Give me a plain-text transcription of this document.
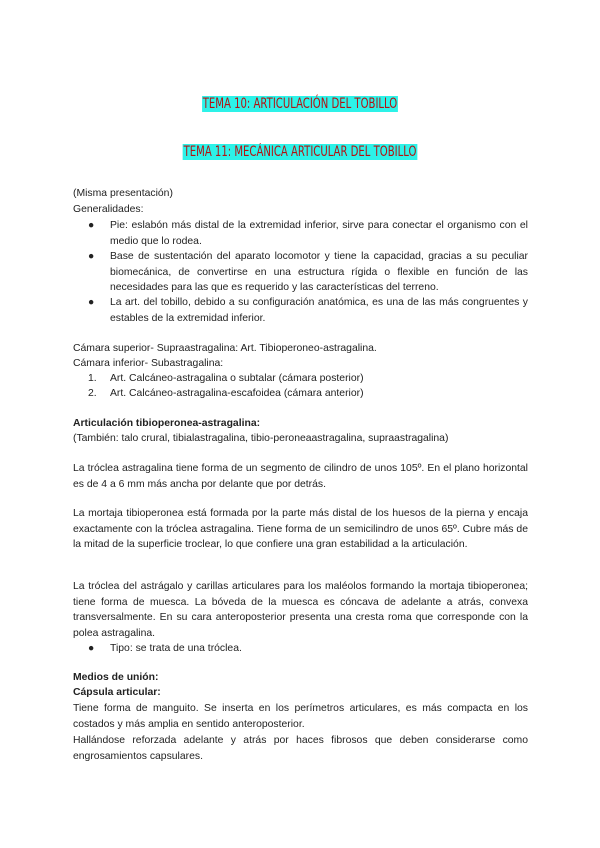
TEMA 10: ARTICULACIÓN DEL TOBILLO
TEMA 11: MECÁNICA ARTICULAR DEL TOBILLO
(Misma presentación)
Generalidades:
●	Pie: eslabón más distal de la extremidad inferior, sirve para conectar el organismo con el medio que lo rodea.
●	Base de sustentación del aparato locomotor y tiene la capacidad, gracias a su peculiar biomecánica, de convertirse en una estructura rígida o flexible en función de las necesidades para las que es requerido y las características del terreno.
●	La art. del tobillo, debido a su configuración anatómica, es una de las más congruentes y estables de la extremidad inferior.
Cámara superior- Supraastragalina: Art. Tibioperoneo-astragalina.
Cámara inferior- Subastragalina:
1. Art. Calcáneo-astragalina o subtalar (cámara posterior)
2. Art. Calcáneo-astragalina-escafoidea (cámara anterior)
Articulación tibioperonea-astragalina:
(También: talo crural, tibialastragalina, tibio-peroneaastragalina, supraastragalina)
La tróclea astragalina tiene forma de un segmento de cilindro de unos 105º. En el plano horizontal es de 4 a 6 mm más ancha por delante que por detrás.
La mortaja tibioperonea está formada por la parte más distal de los huesos de la pierna y encaja exactamente con la tróclea astragalina. Tiene forma de un semicilindro de unos 65º. Cubre más de la mitad de la superficie troclear, lo que confiere una gran estabilidad a la articulación.
La tróclea del astrágalo y carillas articulares para los maléolos formando la mortaja tibioperonea; tiene forma de muesca. La bóveda de la muesca es cóncava de adelante a atrás, convexa transversalmente. En su cara anteroposterior presenta una cresta roma que corresponde con la polea astragalina.
●	Tipo: se trata de una tróclea.
Medios de unión:
Cápsula articular:
Tiene forma de manguito. Se inserta en los perímetros articulares, es más compacta en los costados y más amplia en sentido anteroposterior.
Hallándose reforzada adelante y atrás por haces fibrosos que deben considerarse como engrosamientos capsulares.
